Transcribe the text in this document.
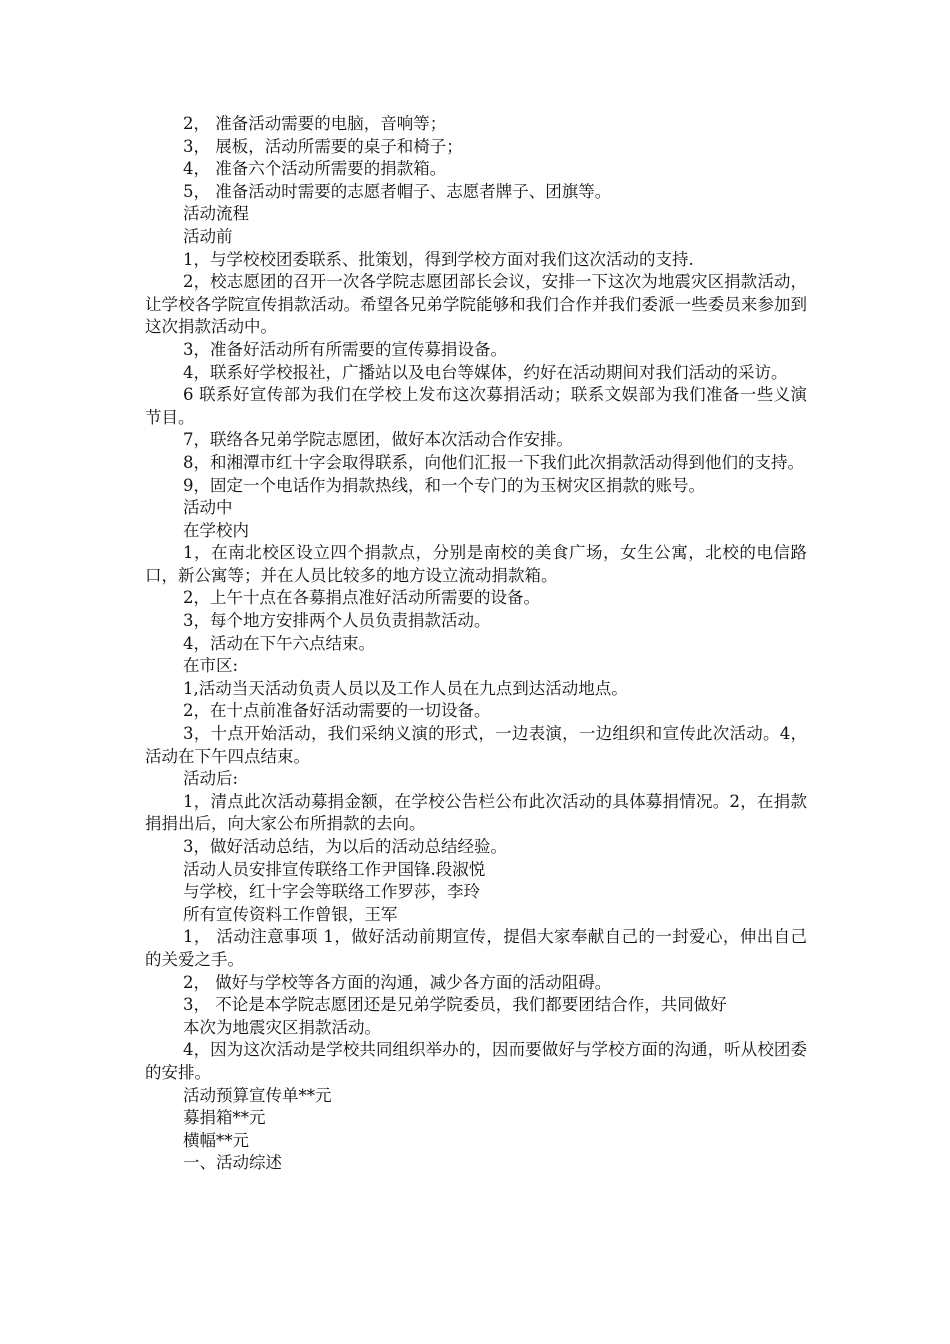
2， 准备活动需要的电脑，音响等；

3， 展板，活动所需要的桌子和椅子；

4， 准备六个活动所需要的捐款箱。

5， 准备活动时需要的志愿者帽子、志愿者牌子、团旗等。

活动流程

活动前

1，与学校校团委联系、批策划，得到学校方面对我们这次活动的支持.

2，校志愿团的召开一次各学院志愿团部长会议，安排一下这次为地震灾区捐款活动，让学校各学院宣传捐款活动。希望各兄弟学院能够和我们合作并我们委派一些委员来参加到这次捐款活动中。

3，准备好活动所有所需要的宣传募捐设备。

4，联系好学校报社，广播站以及电台等媒体，约好在活动期间对我们活动的采访。

6 联系好宣传部为我们在学校上发布这次募捐活动；联系文娱部为我们准备一些义演节目。

7，联络各兄弟学院志愿团，做好本次活动合作安排。

8，和湘潭市红十字会取得联系，向他们汇报一下我们此次捐款活动得到他们的支持。

9，固定一个电话作为捐款热线，和一个专门的为玉树灾区捐款的账号。

活动中

在学校内

1，在南北校区设立四个捐款点，分别是南校的美食广场，女生公寓，北校的电信路口，新公寓等；并在人员比较多的地方设立流动捐款箱。

2，上午十点在各募捐点准好活动所需要的设备。

3，每个地方安排两个人员负责捐款活动。

4，活动在下午六点结束。

在市区:

1,活动当天活动负责人员以及工作人员在九点到达活动地点。

2，在十点前准备好活动需要的一切设备。

3，十点开始活动，我们采纳义演的形式，一边表演，一边组织和宣传此次活动。4，活动在下午四点结束。

活动后:

1，清点此次活动募捐金额，在学校公告栏公布此次活动的具体募捐情况。2，在捐款捐捐出后，向大家公布所捐款的去向。

3，做好活动总结，为以后的活动总结经验。

活动人员安排宣传联络工作尹国锋.段淑悦

与学校，红十字会等联络工作罗莎，李玲

所有宣传资料工作曾银，王军

1， 活动注意事项 1，做好活动前期宣传，提倡大家奉献自己的一封爱心，伸出自己的关爱之手。

2， 做好与学校等各方面的沟通，减少各方面的活动阻碍。

3， 不论是本学院志愿团还是兄弟学院委员，我们都要团结合作，共同做好

本次为地震灾区捐款活动。

4，因为这次活动是学校共同组织举办的，因而要做好与学校方面的沟通，听从校团委的安排。

活动预算宣传单**元

募捐箱**元

横幅**元

一、活动综述
